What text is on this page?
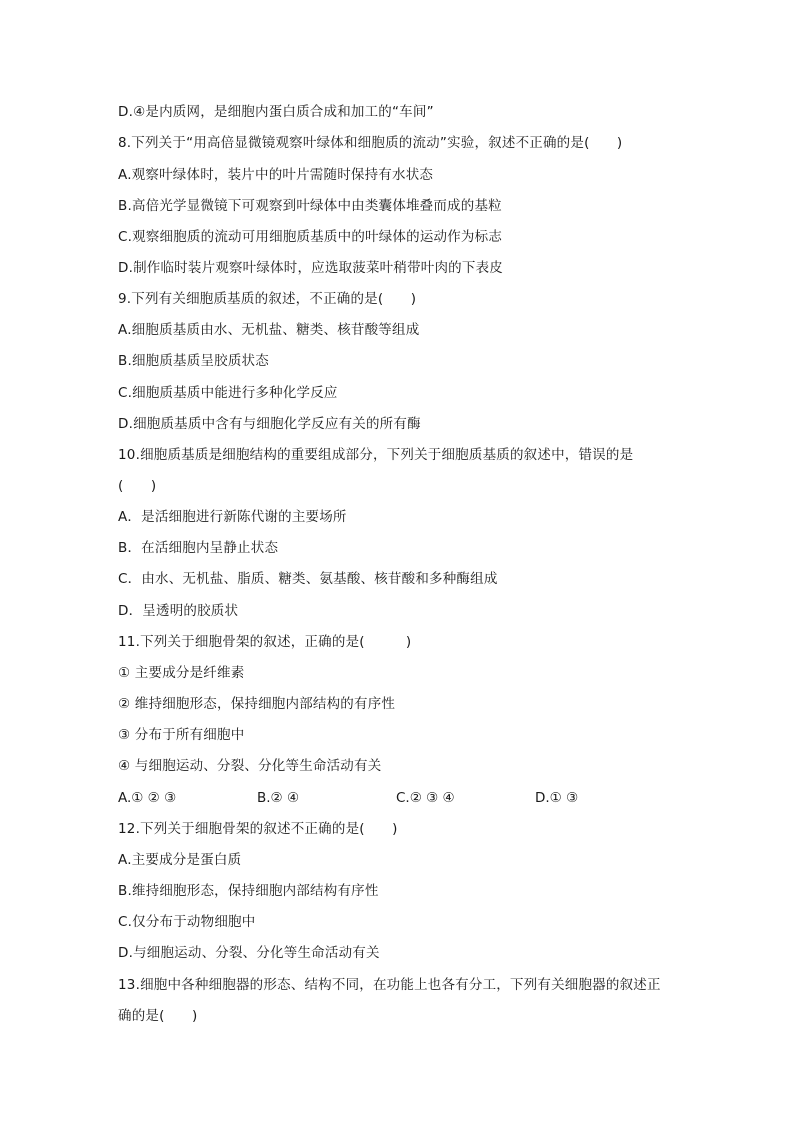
D.④是内质网，是细胞内蛋白质合成和加工的“车间”
8.下列关于“用高倍显微镜观察叶绿体和细胞质的流动”实验，叙述不正确的是(　　)
A.观察叶绿体时，装片中的叶片需随时保持有水状态
B.高倍光学显微镜下可观察到叶绿体中由类囊体堆叠而成的基粒
C.观察细胞质的流动可用细胞质基质中的叶绿体的运动作为标志
D.制作临时装片观察叶绿体时，应选取菠菜叶稍带叶肉的下表皮
9.下列有关细胞质基质的叙述，不正确的是(　　)
A.细胞质基质由水、无机盐、糖类、核苷酸等组成
B.细胞质基质呈胶质状态
C.细胞质基质中能进行多种化学反应
D.细胞质基质中含有与细胞化学反应有关的所有酶
10.细胞质基质是细胞结构的重要组成部分，下列关于细胞质基质的叙述中，错误的是
(　　)
A．是活细胞进行新陈代谢的主要场所
B．在活细胞内呈静止状态
C．由水、无机盐、脂质、糖类、氨基酸、核苷酸和多种酶组成
D．呈透明的胶质状
11.下列关于细胞骨架的叙述，正确的是(　　　)
① 主要成分是纤维素
② 维持细胞形态，保持细胞内部结构的有序性
③ 分布于所有细胞中
④ 与细胞运动、分裂、分化等生命活动有关
A.① ② ③	B.② ④	C.② ③ ④	D.① ③
12.下列关于细胞骨架的叙述不正确的是(　　)
A.主要成分是蛋白质
B.维持细胞形态，保持细胞内部结构有序性
C.仅分布于动物细胞中
D.与细胞运动、分裂、分化等生命活动有关
13.细胞中各种细胞器的形态、结构不同，在功能上也各有分工，下列有关细胞器的叙述正
确的是(　　)
